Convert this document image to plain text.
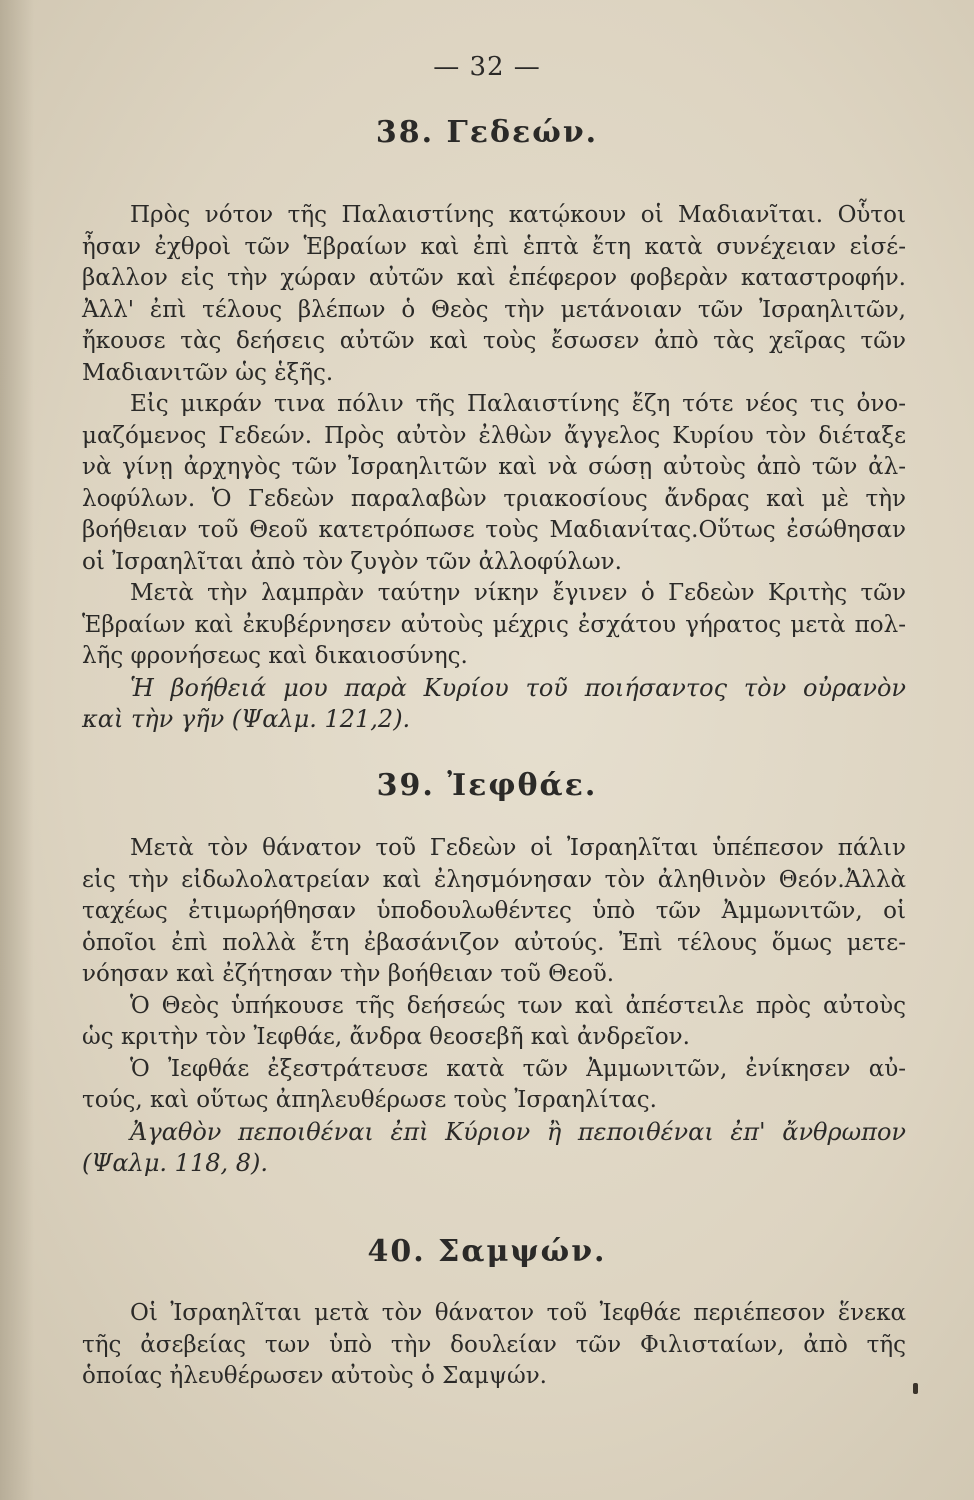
— 32 —
38. Γεδεών.
Πρὸς νότον τῆς Παλαιστίνης κατῴκουν οἱ Μαδιανῖται. Οὗτοι
ἦσαν ἐχθροὶ τῶν Ἑβραίων καὶ ἐπὶ ἑπτὰ ἔτη κατὰ συνέχειαν εἰσέ-
βαλλον εἰς τὴν χώραν αὐτῶν καὶ ἐπέφερον φοβερὰν καταστροφήν.
Ἀλλ' ἐπὶ τέλους βλέπων ὁ Θεὸς τὴν μετάνοιαν τῶν Ἰσραηλιτῶν,
ἤκουσε τὰς δεήσεις αὐτῶν καὶ τοὺς ἔσωσεν ἀπὸ τὰς χεῖρας τῶν
Μαδιανιτῶν ὡς ἑξῆς.
Εἰς μικράν τινα πόλιν τῆς Παλαιστίνης ἔζη τότε νέος τις ὀνο-
μαζόμενος Γεδεών. Πρὸς αὐτὸν ἐλθὼν ἄγγελος Κυρίου τὸν διέταξε
νὰ γίνῃ ἀρχηγὸς τῶν Ἰσραηλιτῶν καὶ νὰ σώσῃ αὐτοὺς ἀπὸ τῶν ἀλ-
λοφύλων. Ὁ Γεδεὼν παραλαβὼν τριακοσίους ἄνδρας καὶ μὲ τὴν
βοήθειαν τοῦ Θεοῦ κατετρόπωσε τοὺς Μαδιανίτας.Οὕτως ἐσώθησαν
οἱ Ἰσραηλῖται ἀπὸ τὸν ζυγὸν τῶν ἀλλοφύλων.
Μετὰ τὴν λαμπρὰν ταύτην νίκην ἔγινεν ὁ Γεδεὼν Κριτὴς τῶν
Ἑβραίων καὶ ἐκυβέρνησεν αὐτοὺς μέχρις ἐσχάτου γήρατος μετὰ πολ-
λῆς φρονήσεως καὶ δικαιοσύνης.
Ἡ βοήθειά μου παρὰ Κυρίου τοῦ ποιήσαντος τὸν οὐρανὸν
καὶ τὴν γῆν (Ψαλμ. 121,2).
39. Ἰεφθάε.
Μετὰ τὸν θάνατον τοῦ Γεδεὼν οἱ Ἰσραηλῖται ὑπέπεσον πάλιν
εἰς τὴν εἰδωλολατρείαν καὶ ἐλησμόνησαν τὸν ἀληθινὸν Θεόν.Ἀλλὰ
ταχέως ἐτιμωρήθησαν ὑποδουλωθέντες ὑπὸ τῶν Ἀμμωνιτῶν, οἱ
ὁποῖοι ἐπὶ πολλὰ ἔτη ἐβασάνιζον αὐτούς. Ἐπὶ τέλους ὅμως μετε-
νόησαν καὶ ἐζήτησαν τὴν βοήθειαν τοῦ Θεοῦ.
Ὁ Θεὸς ὑπήκουσε τῆς δεήσεώς των καὶ ἀπέστειλε πρὸς αὐτοὺς
ὡς κριτὴν τὸν Ἰεφθάε, ἄνδρα θεοσεβῆ καὶ ἀνδρεῖον.
Ὁ Ἰεφθάε ἐξεστράτευσε κατὰ τῶν Ἀμμωνιτῶν, ἐνίκησεν αὐ-
τούς, καὶ οὕτως ἀπηλευθέρωσε τοὺς Ἰσραηλίτας.
Ἀγαθὸν πεποιθέναι ἐπὶ Κύριον ἢ πεποιθέναι ἐπ' ἄνθρωπον
(Ψαλμ. 118, 8).
40. Σαμψών.
Οἱ Ἰσραηλῖται μετὰ τὸν θάνατον τοῦ Ἰεφθάε περιέπεσον ἕνεκα
τῆς ἀσεβείας των ὑπὸ τὴν δουλείαν τῶν Φιλισταίων, ἀπὸ τῆς
ὁποίας ἠλευθέρωσεν αὐτοὺς ὁ Σαμψών.
